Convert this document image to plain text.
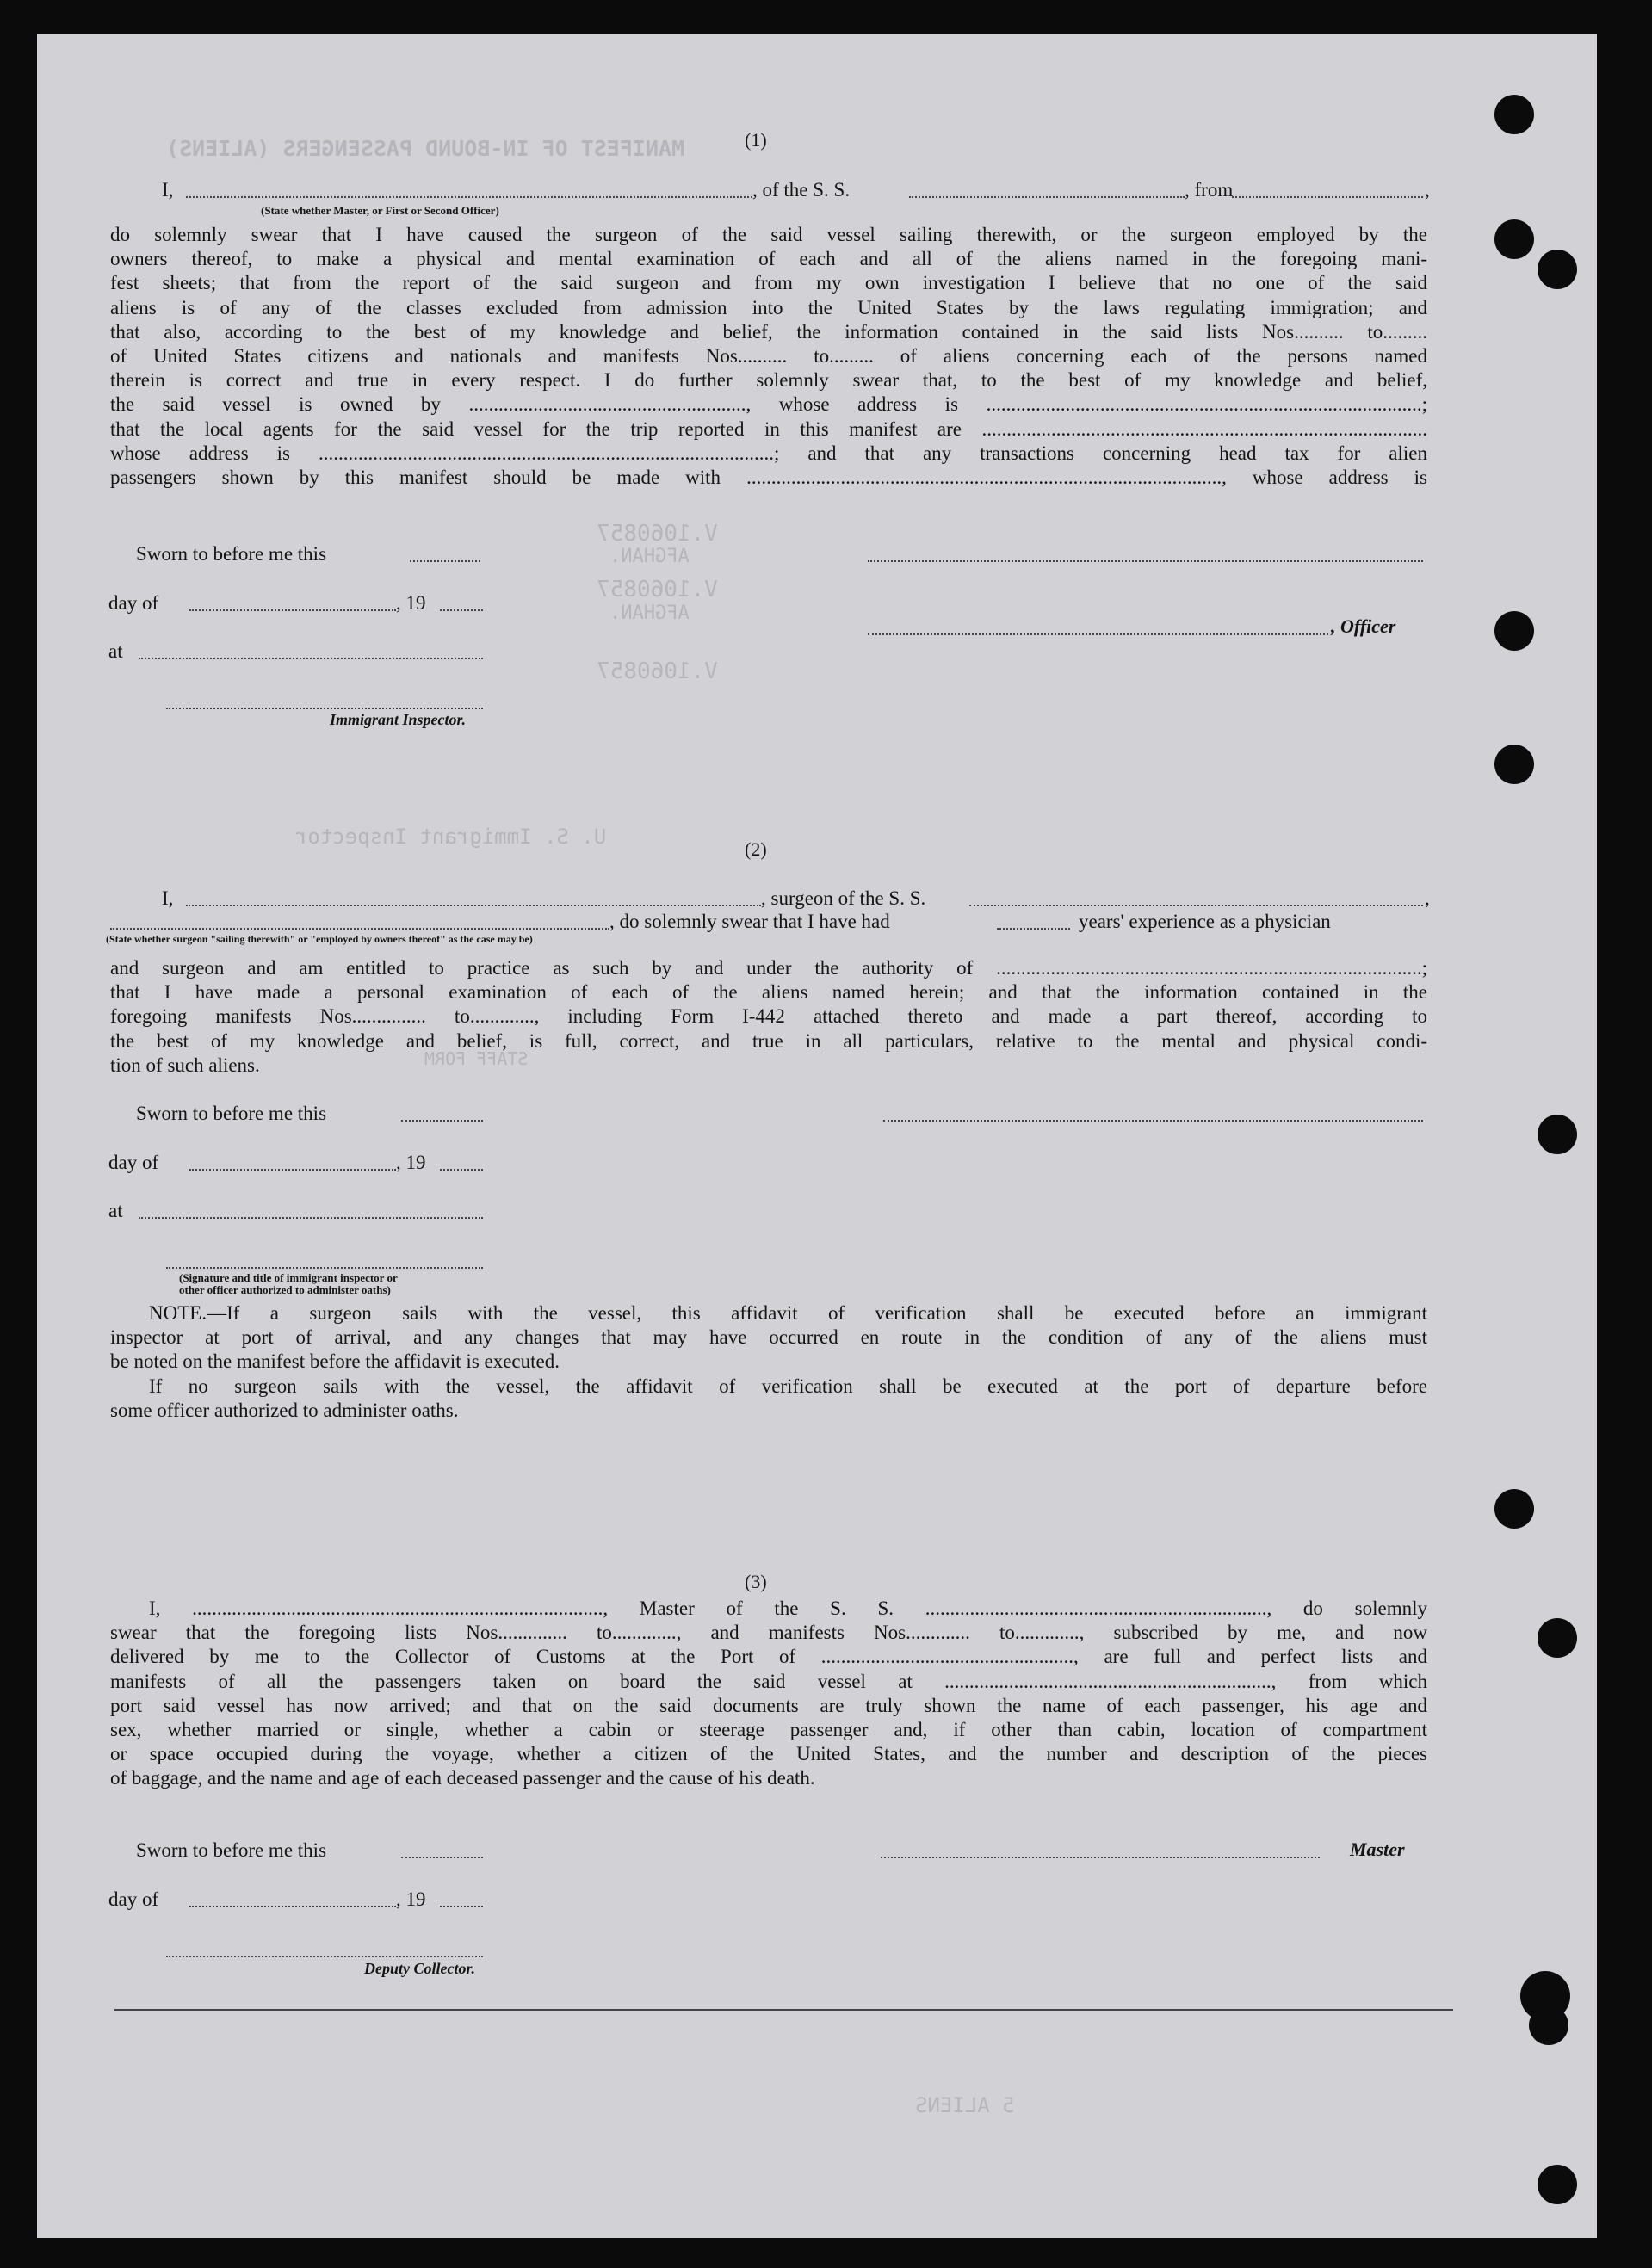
MANIFEST OF IN-BOUND PASSENGERS (ALIENS)
U. S. Immigrant Inspector
5 ALIENS
V.1060857
AFGHAN.
V.1060857
AFGHAN.
V.1060857
STAFF FORM
(1)
I,	, of the S. S.	, from	,
(State whether Master, or First or Second Officer)
do solemnly swear that I have caused the surgeon of the said vessel sailing therewith, or the surgeon employed by the
owners thereof, to make a physical and mental examination of each and all of the aliens named in the foregoing mani-
fest sheets; that from the report of the said surgeon and from my own investigation I believe that no one of the said
aliens is of any of the classes excluded from admission into the United States by the laws regulating immigration; and
that also, according to the best of my knowledge and belief, the information contained in the said lists Nos.......... to.........
of United States citizens and nationals and manifests Nos.......... to......... of aliens concerning each of the persons named
therein is correct and true in every respect. I do further solemnly swear that, to the best of my knowledge and belief,
the said vessel is owned by ........................................................, whose address is ........................................................................................;
that the local agents for the said vessel for the trip reported in this manifest are ..........................................................................................
whose address is ............................................................................................; and that any transactions concerning head tax for alien
passengers shown by this manifest should be made with ................................................................................................, whose address is
Sworn to before me this
day of	, 19
, Officer
at
Immigrant Inspector.
(2)
I,	, surgeon of the S. S.	,
, do solemnly swear that I have had	years' experience as a physician
(State whether surgeon "sailing therewith" or "employed by owners thereof" as the case may be)
and surgeon and am entitled to practice as such by and under the authority of ......................................................................................;
that I have made a personal examination of each of the aliens named herein; and that the information contained in the
foregoing manifests Nos............... to............., including Form I-442 attached thereto and made a part thereof, according to
the best of my knowledge and belief, is full, correct, and true in all particulars, relative to the mental and physical condi-
tion of such aliens.
Sworn to before me this
day of	, 19
at
(Signature and title of immigrant inspector or
other officer authorized to administer oaths)
NOTE.—If a surgeon sails with the vessel, this affidavit of verification shall be executed before an immigrant
inspector at port of arrival, and any changes that may have occurred en route in the condition of any of the aliens must
be noted on the manifest before the affidavit is executed.
If no surgeon sails with the vessel, the affidavit of verification shall be executed at the port of departure before
some officer authorized to administer oaths.
(3)
I, ..................................................................................., Master of the S. S. ....................................................................., do solemnly
swear that the foregoing lists Nos.............. to............., and manifests Nos............. to............., subscribed by me, and now
delivered by me to the Collector of Customs at the Port of ..................................................., are full and perfect lists and
manifests of all the passengers taken on board the said vessel at .................................................................., from which
port said vessel has now arrived; and that on the said documents are truly shown the name of each passenger, his age and
sex, whether married or single, whether a cabin or steerage passenger and, if other than cabin, location of compartment
or space occupied during the voyage, whether a citizen of the United States, and the number and description of the pieces
of baggage, and the name and age of each deceased passenger and the cause of his death.
Sworn to before me this	Master
day of	, 19
Deputy Collector.
